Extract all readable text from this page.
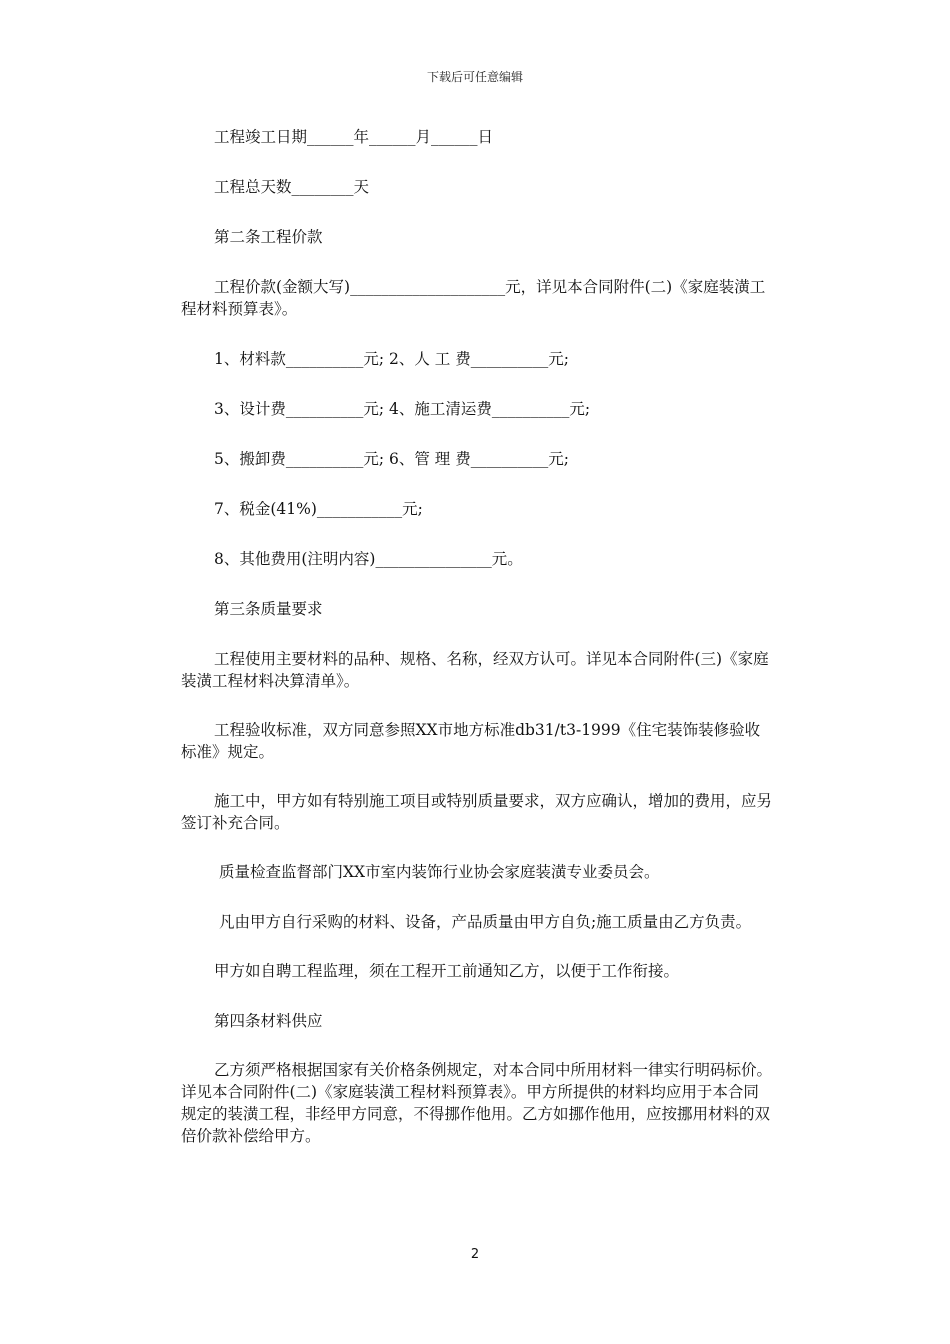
下载后可任意编辑

工程竣工日期______年______月______日

工程总天数________天

第二条工程价款

工程价款(金额大写)____________________元，详见本合同附件(二)《家庭装潢工程材料预算表》。

1、材料款__________元; 2、人 工 费__________元;

3、设计费__________元; 4、施工清运费__________元;

5、搬卸费__________元; 6、管 理 费__________元;

7、税金(41%)___________元;

8、其他费用(注明内容)_______________元。

第三条质量要求

工程使用主要材料的品种、规格、名称，经双方认可。详见本合同附件(三)《家庭装潢工程材料决算清单》。

工程验收标准，双方同意参照XX市地方标准db31/t3-1999《住宅装饰装修验收标准》规定。

施工中，甲方如有特别施工项目或特别质量要求，双方应确认，增加的费用，应另签订补充合同。

质量检查监督部门XX市室内装饰行业协会家庭装潢专业委员会。

凡由甲方自行采购的材料、设备，产品质量由甲方自负;施工质量由乙方负责。

甲方如自聘工程监理，须在工程开工前通知乙方，以便于工作衔接。

第四条材料供应

乙方须严格根据国家有关价格条例规定，对本合同中所用材料一律实行明码标价。详见本合同附件(二)《家庭装潢工程材料预算表》。甲方所提供的材料均应用于本合同规定的装潢工程，非经甲方同意，不得挪作他用。乙方如挪作他用，应按挪用材料的双倍价款补偿给甲方。

2
